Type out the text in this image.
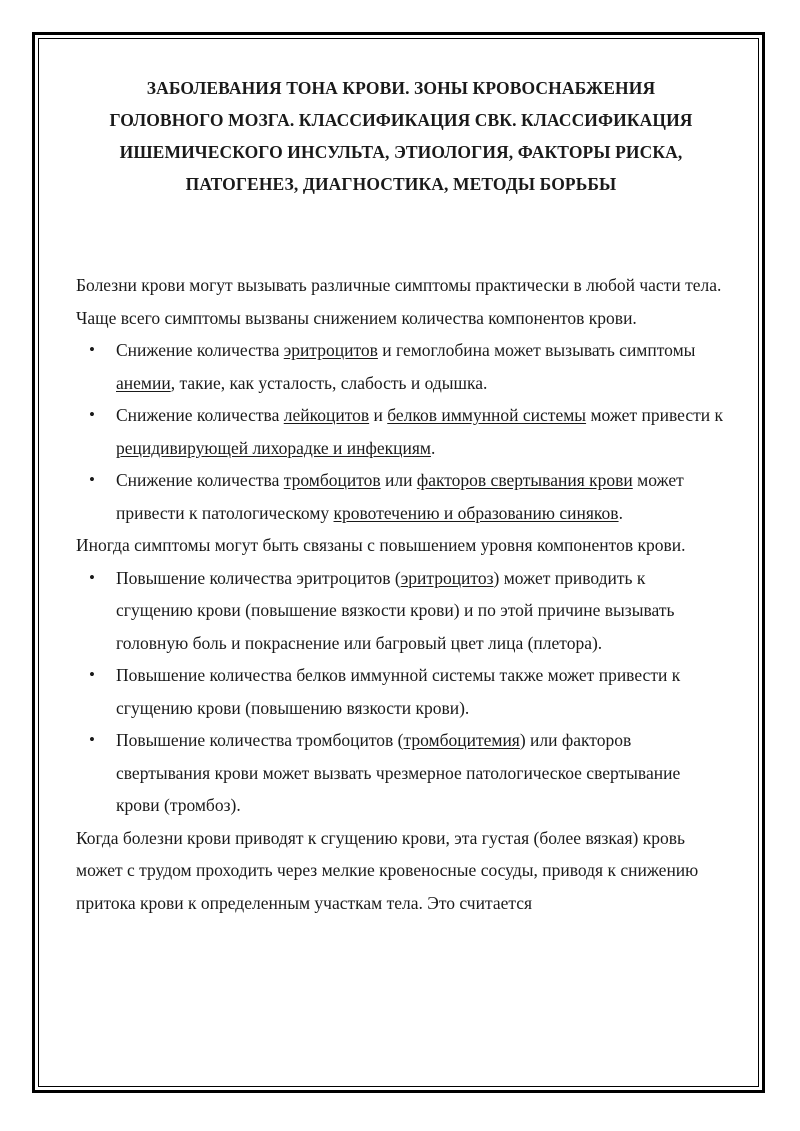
ЗАБОЛЕВАНИЯ ТОНА КРОВИ. ЗОНЫ КРОВОСНАБЖЕНИЯ
ГОЛОВНОГО МОЗГА. КЛАССИФИКАЦИЯ СВК. КЛАССИФИКАЦИЯ
ИШЕМИЧЕСКОГО ИНСУЛЬТА, ЭТИОЛОГИЯ, ФАКТОРЫ РИСКА,
ПАТОГЕНЕЗ, ДИАГНОСТИКА, МЕТОДЫ БОРЬБЫ

Болезни крови могут вызывать различные симптомы практически в любой части тела. Чаще всего симптомы вызваны снижением количества компонентов крови.

• Снижение количества эритроцитов и гемоглобина может вызывать симптомы анемии, такие, как усталость, слабость и одышка.
• Снижение количества лейкоцитов и белков иммунной системы может привести к рецидивирующей лихорадке и инфекциям.
• Снижение количества тромбоцитов или факторов свертывания крови может привести к патологическому кровотечению и образованию синяков.

Иногда симптомы могут быть связаны с повышением уровня компонентов крови.

• Повышение количества эритроцитов (эритроцитоз) может приводить к сгущению крови (повышение вязкости крови) и по этой причине вызывать головную боль и покраснение или багровый цвет лица (плетора).
• Повышение количества белков иммунной системы также может привести к сгущению крови (повышению вязкости крови).
• Повышение количества тромбоцитов (тромбоцитемия) или факторов свертывания крови может вызвать чрезмерное патологическое свертывание крови (тромбоз).

Когда болезни крови приводят к сгущению крови, эта густая (более вязкая) кровь может с трудом проходить через мелкие кровеносные сосуды, приводя к снижению притока крови к определенным участкам тела. Это считается
